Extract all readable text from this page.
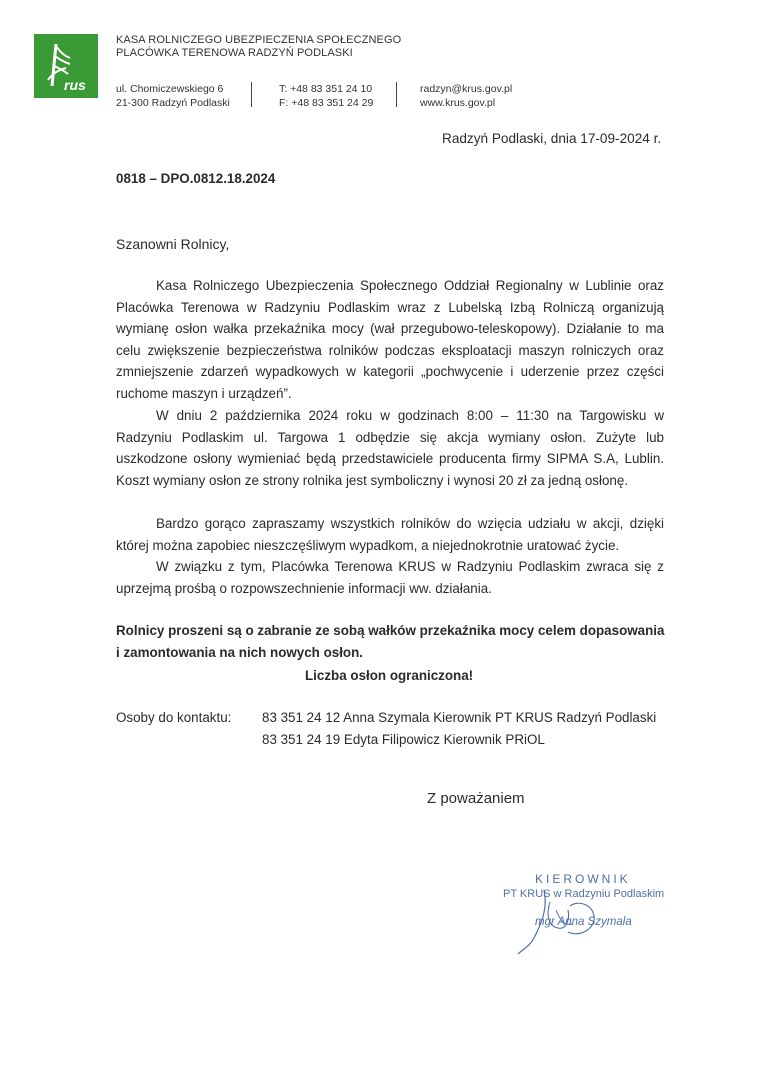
rus
KASA ROLNICZEGO UBEZPIECZENIA SPOŁECZNEGO
PLACÓWKA TERENOWA RADZYŃ PODLASKI
ul. Chomiczewskiego 6
21-300 Radzyń Podlaski
T: +48 83 351 24 10
F: +48 83 351 24 29
radzyn@krus.gov.pl
www.krus.gov.pl
Radzyń Podlaski, dnia 17-09-2024 r.
0818 – DPO.0812.18.2024
Szanowni Rolnicy,
Kasa Rolniczego Ubezpieczenia Społecznego Oddział Regionalny w Lublinie oraz Placówka Terenowa w Radzyniu Podlaskim wraz z Lubelską Izbą Rolniczą organizują wymianę osłon wałka przekaźnika mocy (wał przegubowo-teleskopowy). Działanie to ma celu zwiększenie bezpieczeństwa rolników podczas eksploatacji maszyn rolniczych oraz zmniejszenie zdarzeń wypadkowych w kategorii „pochwycenie i uderzenie przez części ruchome maszyn i urządzeń”.
W dniu 2 października 2024 roku w godzinach 8:00 – 11:30 na Targowisku w Radzyniu Podlaskim ul. Targowa 1 odbędzie się akcja wymiany osłon. Zużyte lub uszkodzone osłony wymieniać będą przedstawiciele producenta firmy SIPMA S.A, Lublin. Koszt wymiany osłon ze strony rolnika jest symboliczny i wynosi 20 zł za jedną osłonę.
Bardzo gorąco zapraszamy wszystkich rolników do wzięcia udziału w akcji, dzięki której można zapobiec nieszczęśliwym wypadkom, a niejednokrotnie uratować życie.
W związku z tym, Placówka Terenowa KRUS w Radzyniu Podlaskim zwraca się z uprzejmą prośbą o rozpowszechnienie informacji ww. działania.
Rolnicy proszeni są o zabranie ze sobą wałków przekaźnika mocy celem dopasowania i zamontowania na nich nowych osłon.
Liczba osłon ograniczona!
Osoby do kontaktu: 83 351 24 12 Anna Szymala Kierownik PT KRUS Radzyń Podlaski
83 351 24 19 Edyta Filipowicz Kierownik PRiOL
Z poważaniem
KIEROWNIK
PT KRUS w Radzyniu Podlaskim
mgr Anna Szymala
